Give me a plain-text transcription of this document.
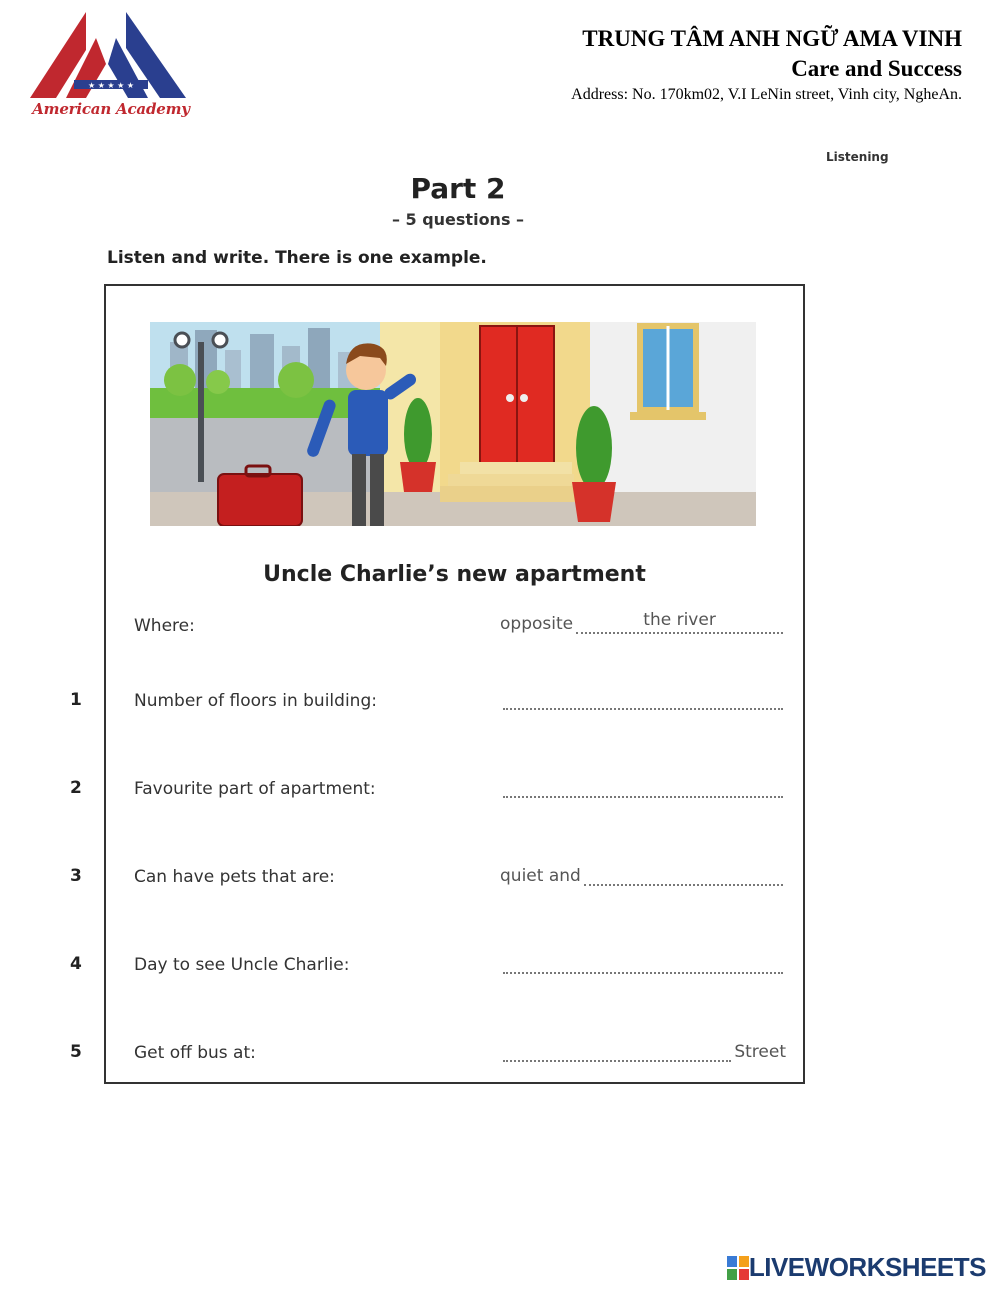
★ ★ ★ ★ ★
American Academy
TRUNG TÂM ANH NGỮ AMA VINH
Care and Success
Address: No. 170km02, V.I LeNin street, Vinh city, NgheAn.
Listening
Part 2
– 5 questions –
Listen and write. There is one example.
Uncle Charlie’s new apartment
Where:	opposite	the river
1	Number of floors in building:
2	Favourite part of apartment:
3	Can have pets that are:	quiet and
4	Day to see Uncle Charlie:
5	Get off bus at:	Street
LIVEWORKSHEETS
